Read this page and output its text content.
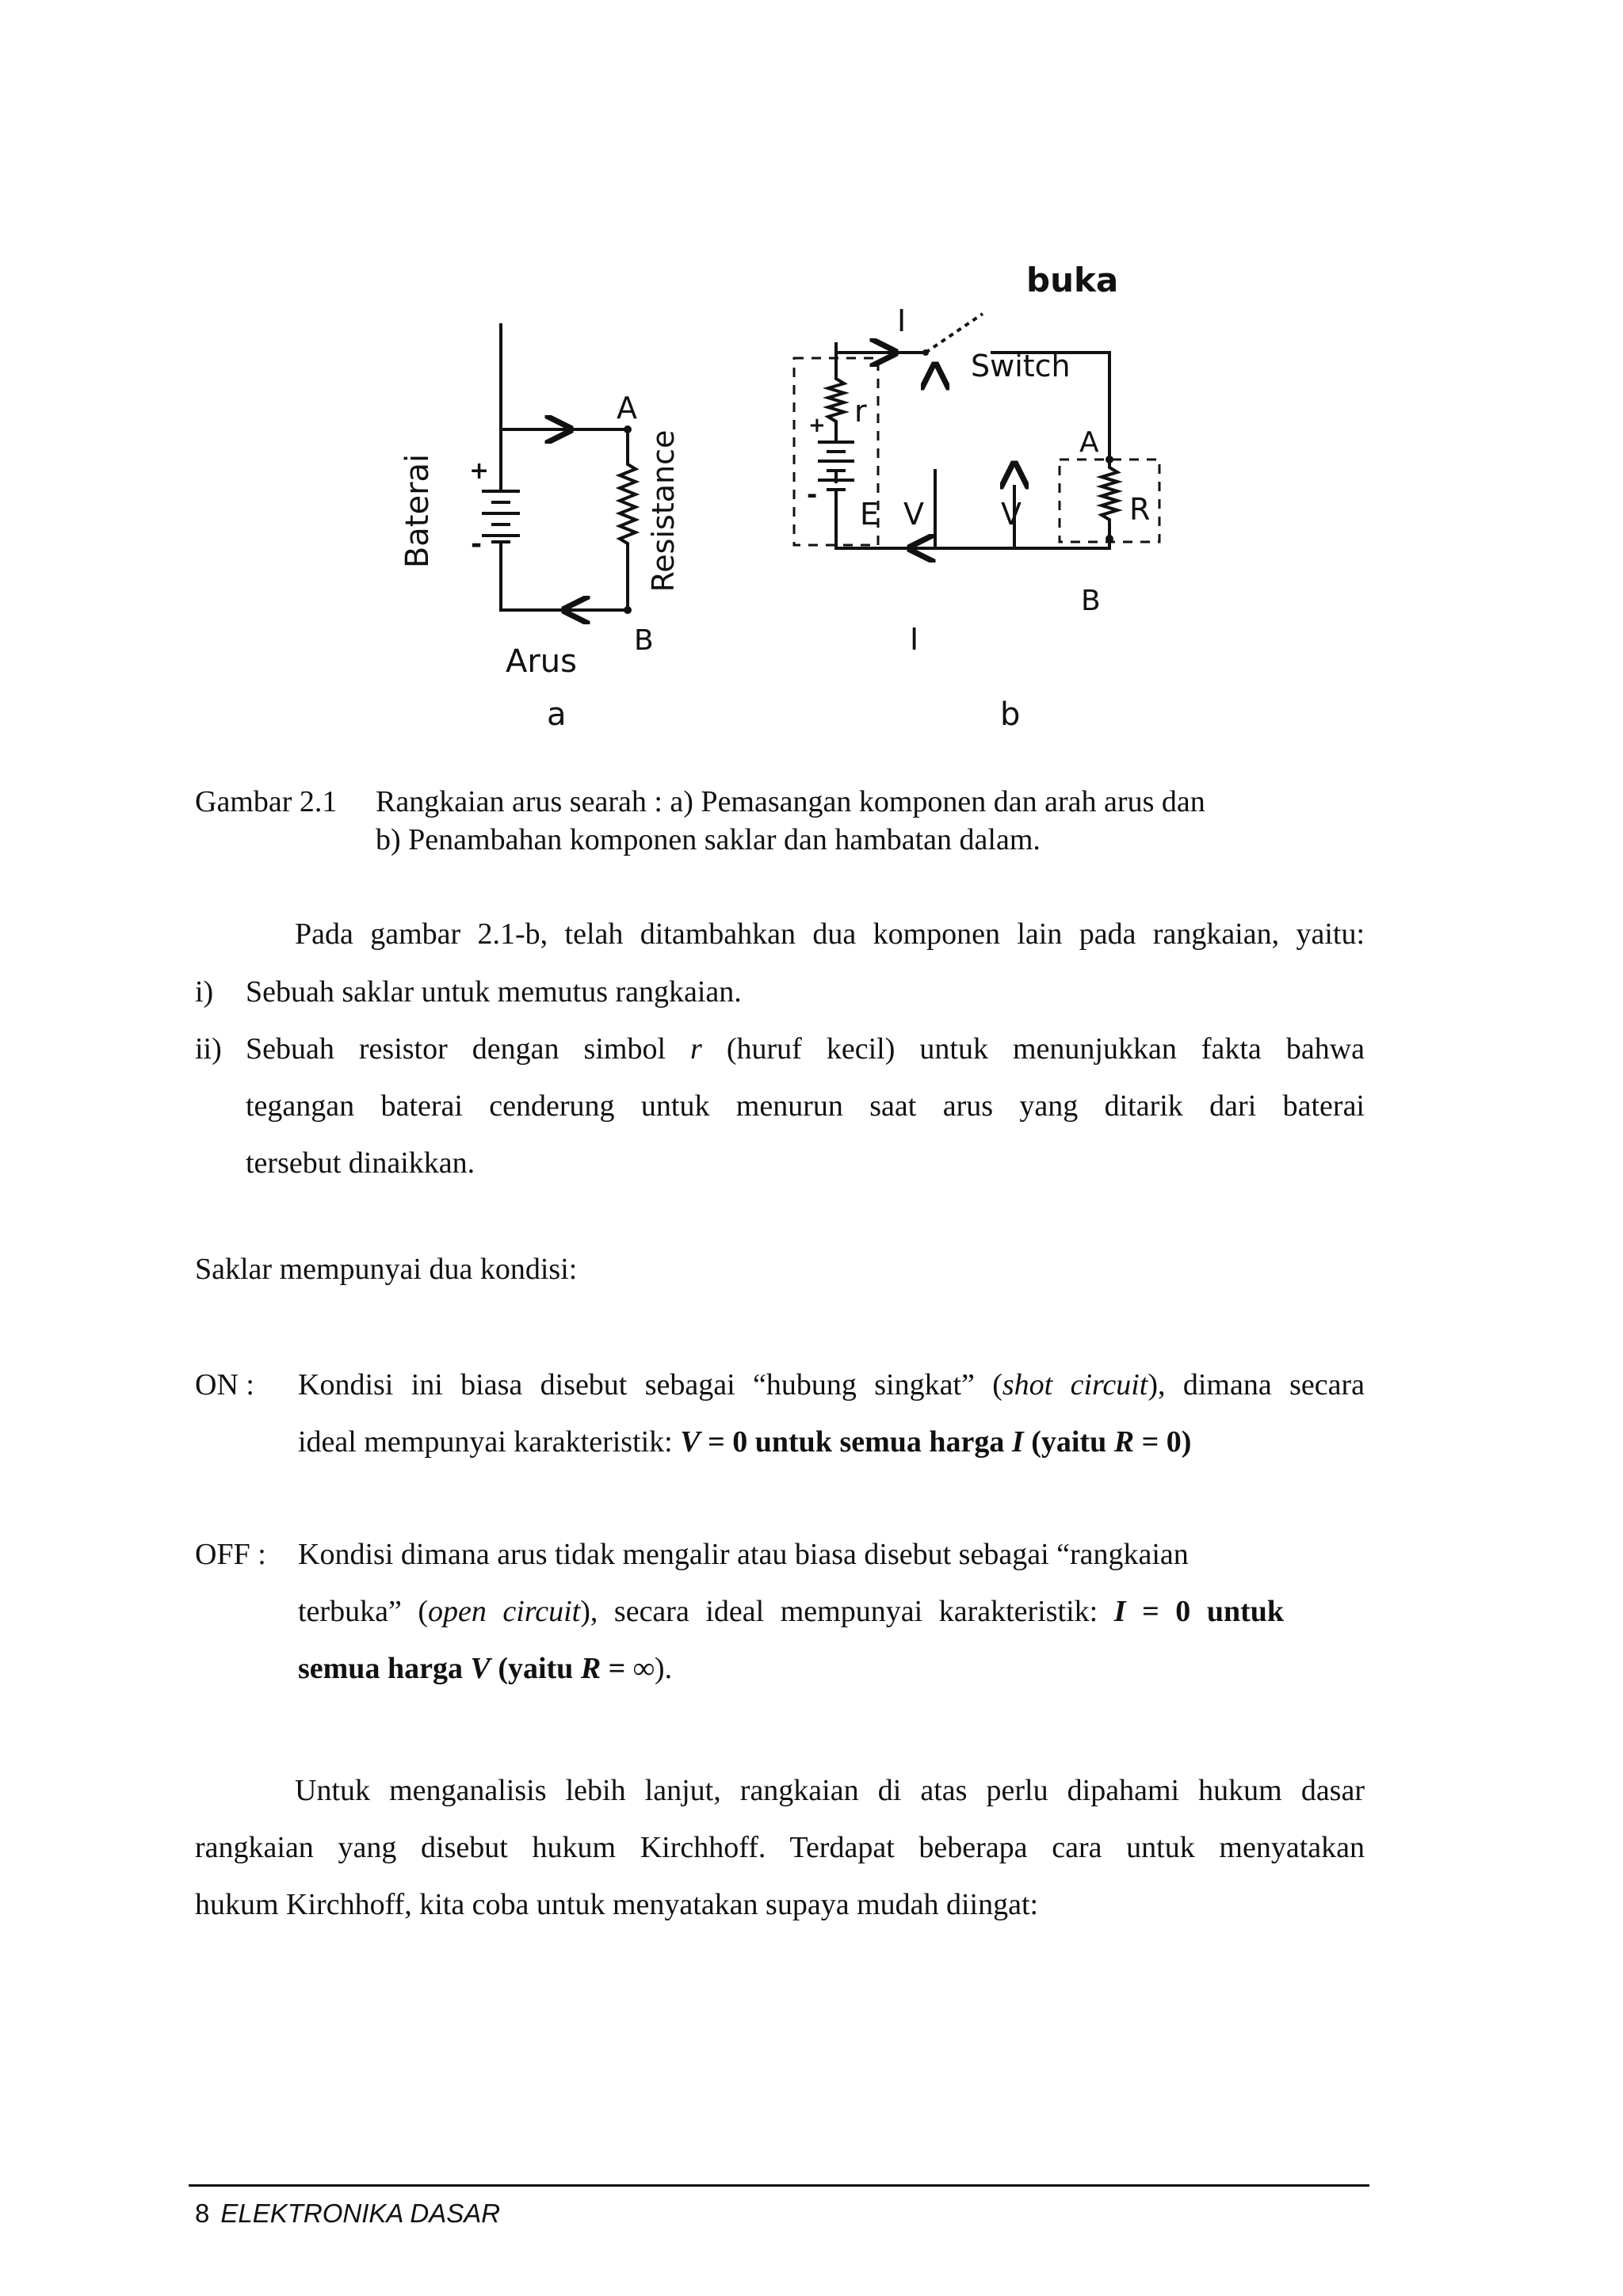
Baterai +
-
A
B
Resistance
Arus
a
buka
I
Switch
r
+
-
E V	V
A
B
R
I
b
Gambar 2.1 Rangkaian arus searah : a) Pemasangan komponen dan arah arus dan
b) Penambahan komponen saklar dan hambatan dalam.
Pada gambar 2.1-b, telah ditambahkan dua komponen lain pada rangkaian, yaitu:
i) Sebuah saklar untuk memutus rangkaian.
ii) Sebuah resistor dengan simbol r (huruf kecil) untuk menunjukkan fakta bahwa
tegangan baterai cenderung untuk menurun saat arus yang ditarik dari baterai
tersebut dinaikkan.
Saklar mempunyai dua kondisi:
ON : Kondisi ini biasa disebut sebagai “hubung singkat” (shot circuit), dimana secara
ideal mempunyai karakteristik: V = 0 untuk semua harga I (yaitu R = 0)
OFF : Kondisi dimana arus tidak mengalir atau biasa disebut sebagai “rangkaian
terbuka” (open circuit), secara ideal mempunyai karakteristik: I = 0 untuk
semua harga V (yaitu R = ∞).
Untuk menganalisis lebih lanjut, rangkaian di atas perlu dipahami hukum dasar
rangkaian yang disebut hukum Kirchhoff. Terdapat beberapa cara untuk menyatakan
hukum Kirchhoff, kita coba untuk menyatakan supaya mudah diingat:
8 ELEKTRONIKA DASAR
